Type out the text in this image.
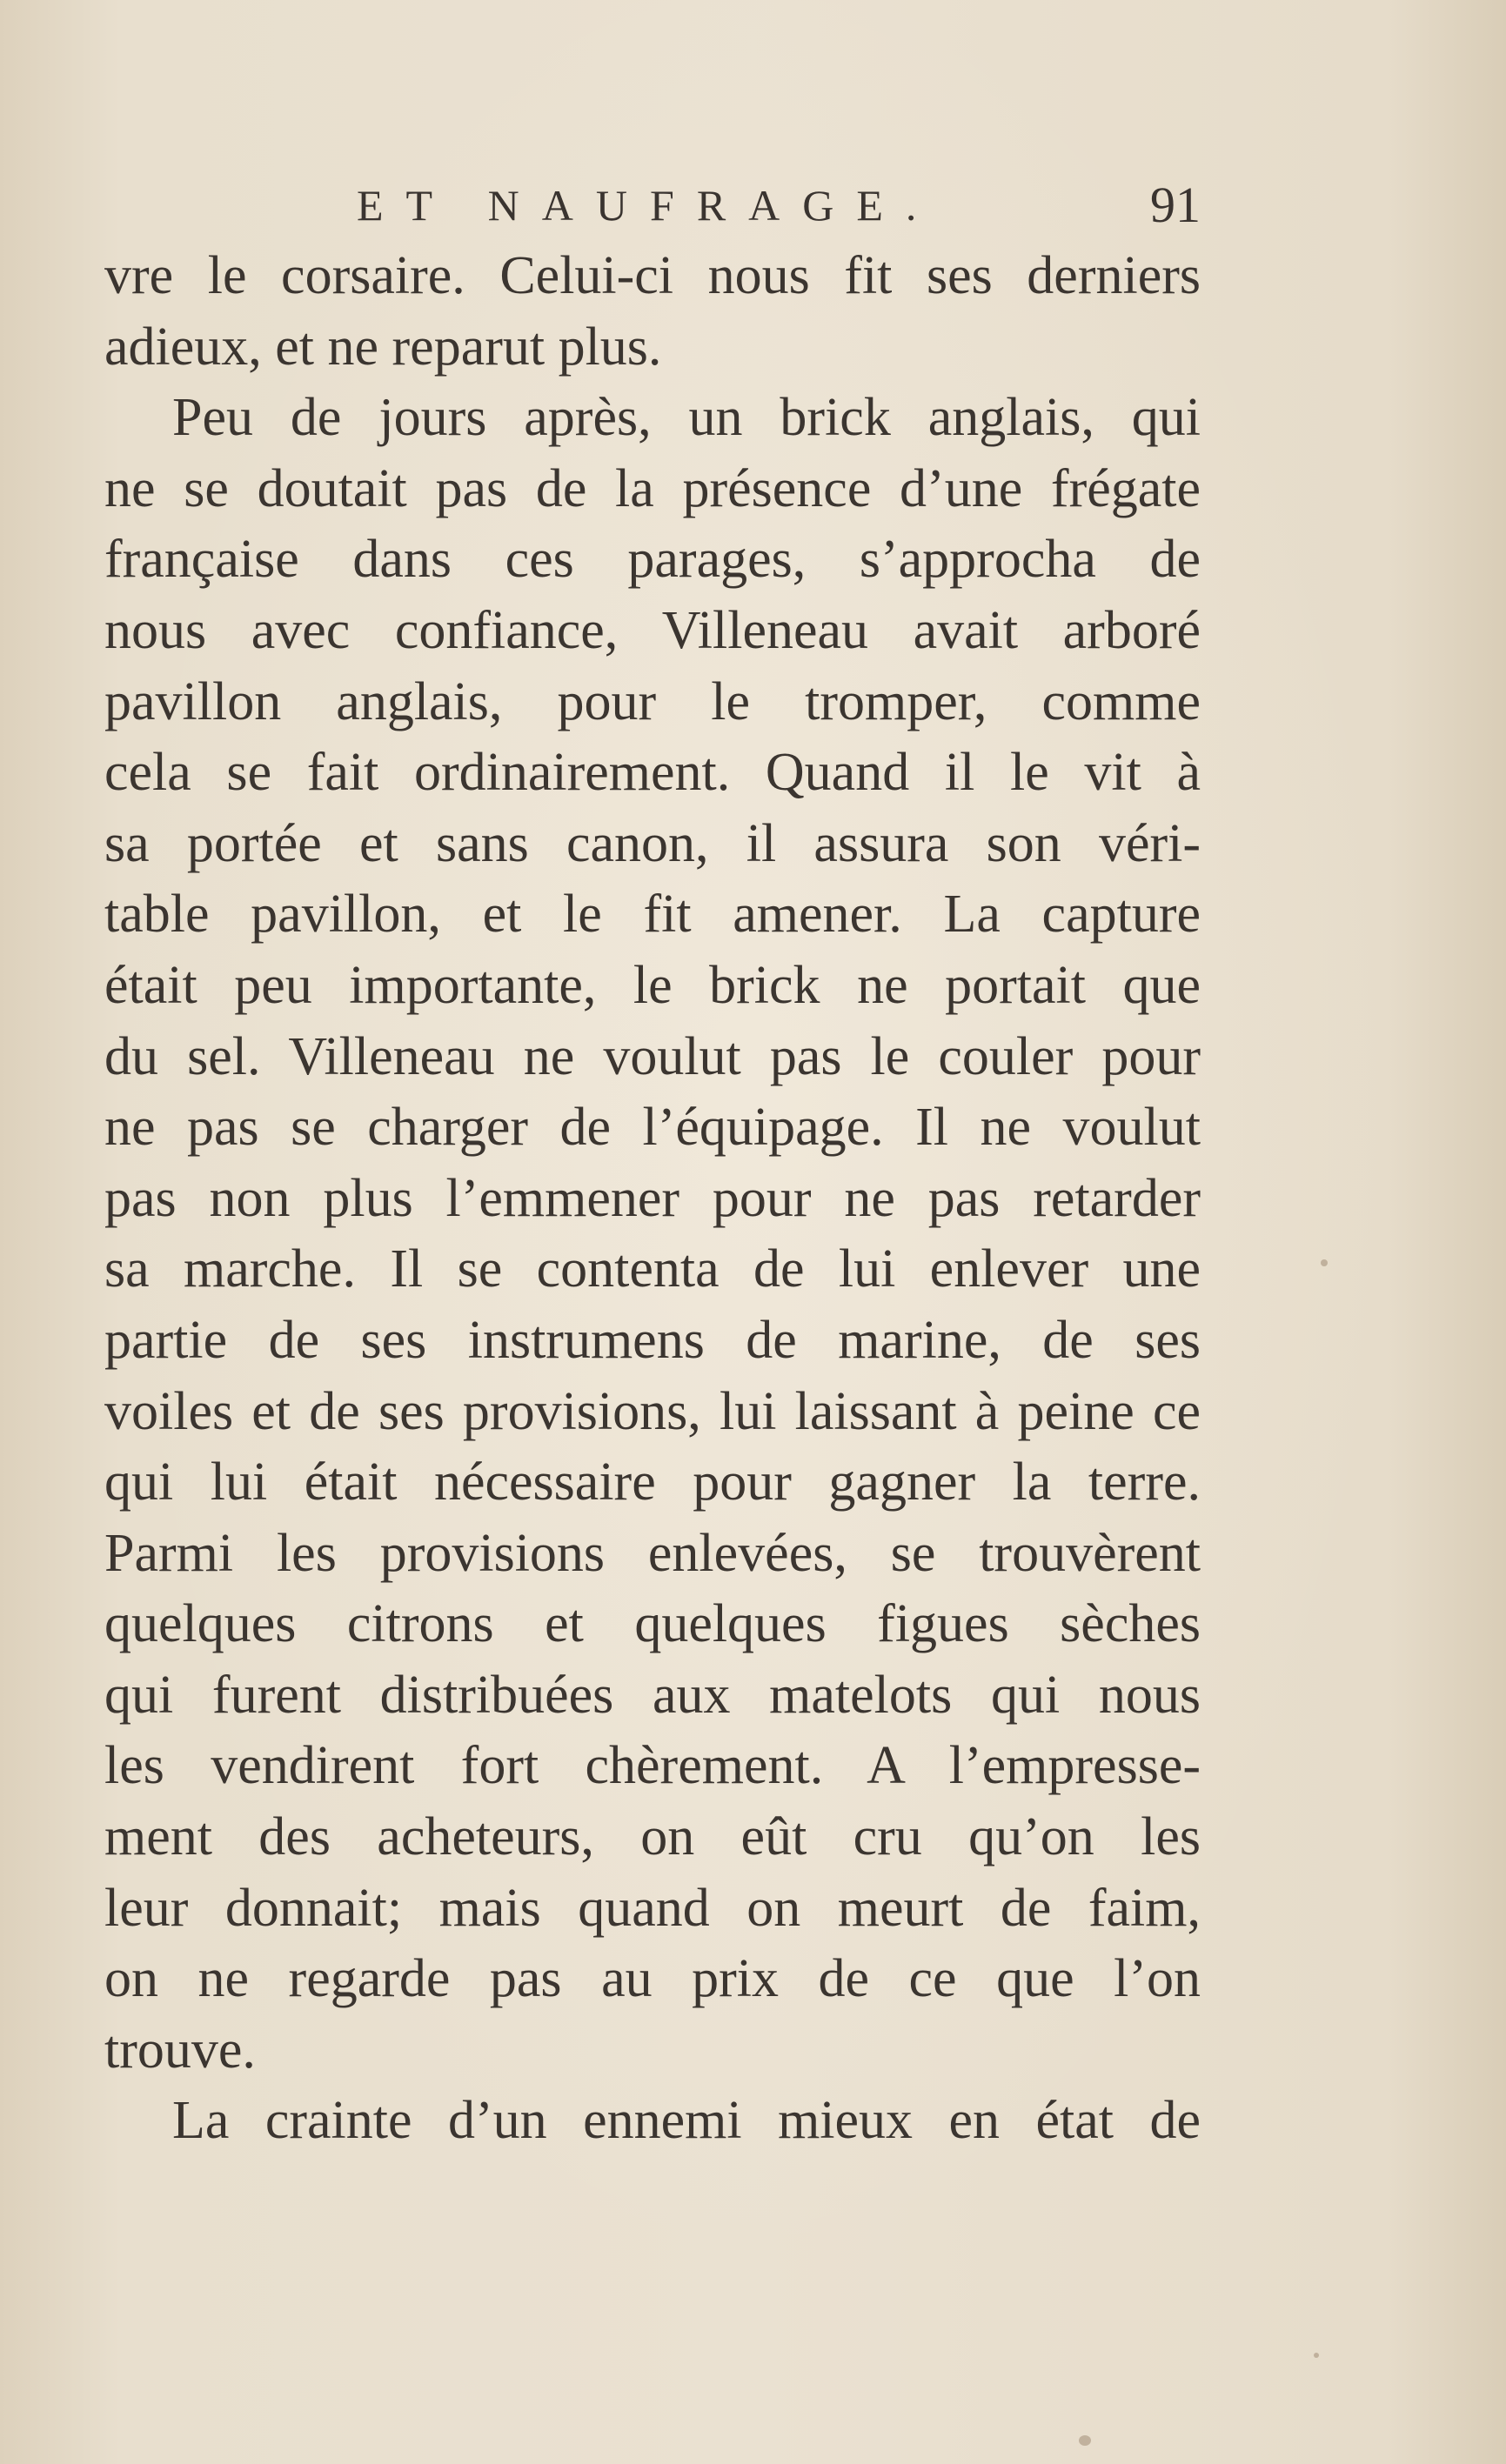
ET NAUFRAGE.	91
vre le corsaire. Celui-ci nous fit ses derniers
adieux, et ne reparut plus.
Peu de jours après, un brick anglais, qui
ne se doutait pas de la présence d’une frégate
française dans ces parages, s’approcha de
nous avec confiance, Villeneau avait arboré
pavillon anglais, pour le tromper, comme
cela se fait ordinairement. Quand il le vit à
sa portée et sans canon, il assura son véri-
table pavillon, et le fit amener. La capture
était peu importante, le brick ne portait que
du sel. Villeneau ne voulut pas le couler pour
ne pas se charger de l’équipage. Il ne voulut
pas non plus l’emmener pour ne pas retarder
sa marche. Il se contenta de lui enlever une
partie de ses instrumens de marine, de ses
voiles et de ses provisions, lui laissant à peine ce
qui lui était nécessaire pour gagner la terre.
Parmi les provisions enlevées, se trouvèrent
quelques citrons et quelques figues sèches
qui furent distribuées aux matelots qui nous
les vendirent fort chèrement. A l’empresse-
ment des acheteurs, on eût cru qu’on les
leur donnait; mais quand on meurt de faim,
on ne regarde pas au prix de ce que l’on
trouve.
La crainte d’un ennemi mieux en état de
